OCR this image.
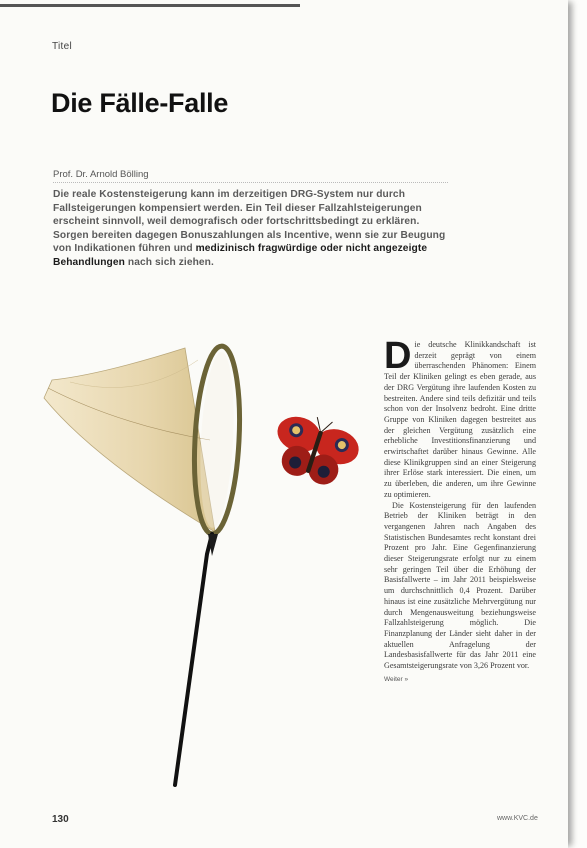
Titel
Die Fälle-Falle
Prof. Dr. Arnold Bölling

Die reale Kostensteigerung kann im derzeitigen DRG-System nur durch Fallsteigerungen kompensiert werden. Ein Teil dieser Fallzahlsteigerungen erscheint sinnvoll, weil demografisch oder fortschrittsbedingt zu erklären. Sorgen bereiten dagegen Bonuszahlungen als Incentive, wenn sie zur Beugung von Indikationen führen und medizinisch fragwürdige oder nicht angezeigte Behandlungen nach sich ziehen.

Die deutsche Klinikkandschaft ist derzeit geprägt von einem überraschenden Phänomen: Einem Teil der Kliniken gelingt es eben gerade, aus der DRG Vergütung ihre laufenden Kosten zu bestreiten. Andere sind teils defizitär und teils schon von der Insolvenz bedroht. Eine dritte Gruppe von Kliniken dagegen bestreitet aus der gleichen Vergütung zusätzlich eine erhebliche Investitionsfinanzierung und erwirtschaftet darüber hinaus Gewinne. Alle diese Klinikgruppen sind an einer Steigerung ihrer Erlöse stark interessiert. Die einen, um zu überleben, die anderen, um ihre Gewinne zu optimieren.

Die Kostensteigerung für den laufenden Betrieb der Kliniken beträgt in den vergangenen Jahren nach Angaben des Statistischen Bundesamtes recht konstant drei Prozent pro Jahr. Eine Gegenfinanzierung dieser Steigerungsrate erfolgt nur zu einem sehr geringen Teil über die Erhöhung der Basisfallwerte – im Jahr 2011 beispielsweise um durchschnittlich 0,4 Prozent. Darüber hinaus ist eine zusätzliche Mehrvergütung nur durch Mengenausweitung beziehungsweise Fallzahlsteigerung möglich. Die Finanzplanung der Länder sieht daher in der aktuellen Anfragelung der Landesbasisfallwerte für das Jahr 2011 eine Gesamtsteigerungsrate von 3,26 Prozent vor.

Weiter »
130	www.KVC.de
